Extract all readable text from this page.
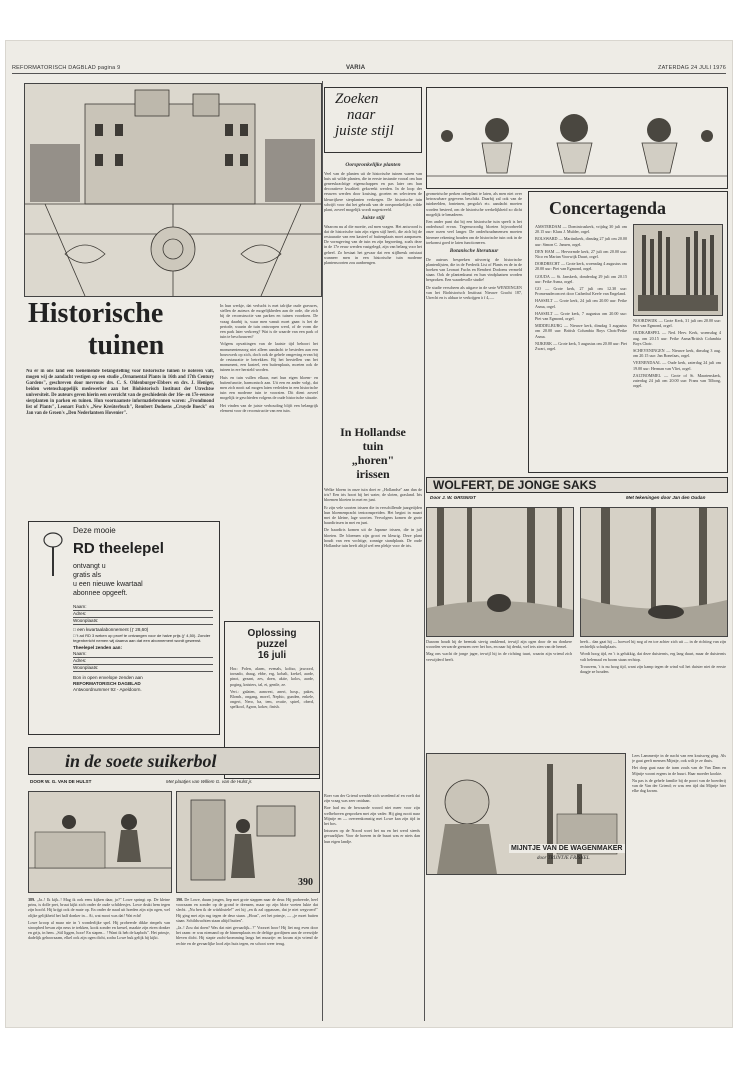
REFORMATORISCH DAGBLAD pagina 9	VARIA	ZATERDAG 24 JULI 1976
Historische
tuinen
Nu er in ons land een toenemende belangstelling voor historische tuinen te noteren valt, mogen wij de aandacht vestigen op een studie „Ornamental Plants in 16th and 17th Century Gardens", geschreven door mevrouw drs. C. S. Oldenburger-Ebbers en drs. J. Heniger, beiden wetenschappelijk medewerker aan het Biohistorisch Instituut der Utrechtse universiteit. De auteurs geven hierin een overzicht van de geschiedenis der 16e- en 17e-eeuwse sierplanten in parken en tuinen. Hun voornaamste informatiebronnen waren: „Frondmond list of Plants", Leonart Fuch's „New Kreüterbuch", Rembert Dodoens „Cruyde Boeck" en Jan van de Groen's „Den Nederlantsen Hovenier".

In hun werkje, dat verlucht is met talrijke oude gravures, stellen de auteurs de mogelijkheden aan de orde, die zich bij de reconstructie van parken en tuinen voordoen. De vraag daarbij is, waar men vanuit moet gaan: is het de periode, waarin de tuin ontworpen werd, of de vorm die een park later verkreeg? Wat is de waarde van een park of tuin te beschouwen?

Volgens opvattingen van de laatste tijd behoort het monumentenzorg niet alleen aandacht te besteden aan een bouwwerk op zich, doch ook de gehele omgeving ervan bij de restauratie te betrekken. Bij het herstellen van het monument, een kasteel, een buitenplaats, moeten ook de tuinen in ere hersteld worden.

Huis en tuin vullen elkaar, met hun eigen bloem- en buitenfunctie, harmonisch aan. Uit een en ander volgt, dat men zich nooit zal mogen laten verleiden in een historische tuin een moderne tuin te voorzien. Dit dient zoveel mogelijk te geschieden volgens de oude historische situatie.

Het vinden van de juiste verhouding blijft een belangrijk element voor de reconstructie van een tuin.

Zoeken
naar
juiste stijl
Oorspronkelijke planten

Veel van de planten uit de historische tuinen waren van huis uit wilde planten, die in eerste instantie vooral om hun geneeskrachtige eigenschappen en pas later om hun decoratieve kwaliteit gekweekt werden. In de loop der eeuwen werden door kruising, groeien en selecteren de kleurrijkere sierplanten verkregen. De historische tuin schrijft voor dat het gebruik van de oorspronkelijke, wilde plant, zoveel mogelijk wordt nagestreefd.

Juiste stijl

Waarom nu al die moeite, zal men vragen. Het antwoord is dat de historische tuin zijn eigen stijl heeft, die zich bij de restauratie van een kasteel of buitenplaats moet aanpassen. De vormgeving van de tuin en zijn begroeiing, zoals deze in de 17e eeuw werden vastgelegd, zijn van belang voor het geheel. Zo bestaat het gevaar dat een stijlbreuk ontstaat wanneer men in een historische tuin moderne plantensoorten zou aanbrengen.

geometrische perken onbeplant te laten, als men niet over betrouwbare gegevens beschikt. Daarbij zal ook van de tuinbeelden, fonteinen, pergola's etc. aandacht moeten worden besteed, om de historische werkelijkheid zo dicht mogelijk te benaderen.

Een ander punt dat bij een historische tuin speelt is het onderhoud ervan. Tegenwoordig bloeien bijvoorbeeld onze rozen veel langer. De onderhoudsmensen moeten hiermee rekening houden om de historische tuin ook in de toekomst goed te laten functioneren.

Botanische literatuur

De auteurs bespreken uitvoerig de historische plantenlijsten, die in de Frederik List of Plants en de in de boeken van Leonart Fuchs en Rembert Dodoens vermeld staan. Ook de plantenkunst en hun vindplaatsen worden besproken. Een waardevolle studie!

De studie verscheen als uitgave in de serie WENDINGEN van het Biohistorisch Instituut Nieuwe Gracht 187, Utrecht en is alduar te verkrijgen à f 4,—.

Concertagenda

AMSTERDAM — Dominicuskerk, vrijdag 30 juli om 20.15 uur: Klaas J. Mulder, orgel.

BOLSWARD — Martinikerk, dinsdag 27 juli om 20.00 uur: Simon C. Jansen, orgel.

DEN HAM — Hervormde kerk, 27 juli om 20.00 uur: Nico en Marian Voorwijk Duurt, orgel.

DORDRECHT — Grote kerk, woensdag 4 augustus om 20.00 uur: Piet van Egmond, orgel.

GOUDA — St. Janskerk, donderdag 29 juli om 20.15 uur: Feike Asma, orgel.

GO — Grote kerk, 27 juli om 12.30 uur: Promenadeconcert door Cathedral Keefe van Engeland.

HASSELT — Grote kerk, 24 juli om 20.00 uur: Feike Asma, orgel.

HASSELT — Grote kerk, 7 augustus om 20.00 uur: Piet van Egmond, orgel.

MIDDELBURG — Nieuwe kerk, dinsdag 3 augustus om 20.00 uur: British Columbia Boys Choir/Feike Asma.

NIJKERK — Grote kerk, 5 augustus om 20.00 uur: Piet Zwart, orgel.

NOORDWIJK — Grote Kerk, 31 juli om 20.00 uur: Piet van Egmond, orgel.

OUDKARSPEL — Ned. Herv. Kerk, woensdag 4 aug. om 20.15 uur: Feike Asma/British Columbia Boys Choir.

SCHEVENINGEN — Nieuwe kerk, dinsdag 3 aug. om 20.15 uur: Jan Bonefaas, orgel.

VEENENDAAL — Oude kerk, zaterdag 24 juli om 19.00 uur: Herman van Vliet, orgel.

ZALTBOMMEL — Grote of St. Maartenskerk, zaterdag 24 juli om 20.00 uur: Frans van Tilborg, orgel.

In Hollandse
tuin
„horen"
irissen

Welke bloem in onze tuin doet er „Hollandse" aan dan de iris? Een iris hoort bij het water, de sloten, grasland. Iris bloemen bloeien in mei en juni.

Er zijn vele soorten irissen die in verschillende jaargetijden hun bloemenpracht tentoonspreiden. Het begint in maart met de kleine, lage soorten. Vervolgens komen de grote baardirissen in mei en juni.

De baardiris komen uit de Japanse irissen, die in juli bloeien. De bloemen zijn groot en kleurig. Deze plant houdt van een vochtige, zonnige standplaats. De oude Hollandse tuin heeft altijd wel een plekje voor de iris.

Deze mooie
RD theelepel
ontvangt u
gratis als
u een nieuwe kwartaal
abonnee opgeeft.
Naam:
Adres:
Woonplaats:
□ een kwartaalabonnement (ƒ 28,60)
□ 't ad RD 3 weken op proef te ontvangen voor de halve prijs (ƒ 4,50). Zonder tegenbericht nemen wij daarna aan dat een abonnement wordt gewenst.
Theelepel zenden aan:
Naam:
Adres:
Woonplaats:
Bon in open envelope zenden aan
REFORMATORISCH DAGBLAD
Antwoordnummer 92 - Apeldoorn.
Oplossing
puzzel
16 juli

Hor.: Polen, alarm, evenals, koltso, jawoord, tornado, draag, ebbe, erg, kobalt, krekel, aarde, pinot, gezant, zes, doen, aktie, kolos, aarde, poging, knisters, tal, ei, gentle, ze.

Vert.: galaten, aanwezt, aneri, hosp., pakes, Blomb., ongang, morel, Nephic, gunden, enkele, ongeri, Nero, ba, tem, ovatie, spirel, oberd, spelkool, Agron, koker, finish.

WOLFERT, DE JONGE SAKS
Door J. W. GRISNIGT	Met tekeningen door Jan den Oudan

Daarom houdt hij de beentak stevig omklemd, terwijl zijn ogen door de nu donkere woorden verwarde grenzen over het bos, en naar hij denkt, wel iets zien van de hemel.

Mag ons wacht de jonge jager, terwijl hij in de richting tuurt, waarin zijn vriend zich verwijderd heeft.

heeft... dan gaat hij — hoewel hij nog af en toe achter zich uit — in de richting van zijn rechtelijk schuilplaats.

Wordt hoog tijd, en 't is gelukkig, dat deze duisternis, erg lang duurt, maar de duisternis valt helemaal en boom staan rechtop.

Trouwens, 't is nu hoog tijd, want zijn kamp tegen de wind wil het duister niet de eerste daagje ze houden.

in de soete suikerbol
DOOR W. G. VAN DE HULST	Met plaatjes van Willem G. van de Hulst jr.
390

389. „Ja..! Ik kijk..! Mag ik ook eens kijken daar, jo?" Lowe springt op. De kleine prins, is dolle pret, bruut kijkt zich onder de oude schildersjes. Lowe drukt hem tegen zijn hoofd. Hij krijgt ook de mate op. En onder de naad uit hoeden zijn zijn ogen, wel olijke gelijkheid het half donker in... Ai, wat mooi was dat! Wat echt!

Lowe kroop al maar nie in 't wonderlijke spel. Hij probeerde dikke rimpels van stroopbed bevan zijn neus te trekken, kook zonder en kreuel, maakte zijn eiren donker en grijs, in hem. „Stil liggen, hoor! En stapen... ! Want ik heb de kapbols". Het prinsje, dadelijk gehoorzaam, elkel ook zijn ogen dicht, zodra Lowe buk gelijk hij kijkt.

390. De Lowe, duum jongen, liep met grote stappen naar de deur. Hij probeerde, heel voorzaam en zonder op de grond te drenzen, maar op zijn blote voeten lukte dat slecht. „Nu ben ik de wiirkhstele!" zei hij „en ik zal oppassen, dat je niet wegvoert!" Hij ging met zijn rug tegen de deur staan. „Hous", zei het prinsje, — „je moet buiten staan. Schildwachten staan altijd buiten".

„Ja..! Zou dat doen? Was dat niet gevaarlijk...?" Voorzet hoor! Hij liet nog even door het raam: er was niemand op de binnenplaats en de deftige gordijnen aan de overzijde bleven dicht. Hij stapte zacht-kromming langs het muurtje: en kwam zijn vriend de rechte en de gevaarlijke lood zijn huis tegen, en schoot weer terug.

Boer van der Griend wendde zich woedend af en voelt dat zijn vraag was zeer ontdaan.

Boe had nu de bewaarde woord niet meer voor zijn welbehoven gesproken met zijn vader. Hij ging nooit naar Mijntje en — overeenkomstig met Lowe kan zijn tijd in het bos.

Intussen op de Noord woei het nu en het werd steeds gevaarlijker. Voor de boeren in de buurt was er niets dan hun eigen landje.

MIJNTJE VAN DE WAGENMAKER
door TRIJNTJE FRISKEL

Lees Lammertje in de nacht van een kruisweg ging. Als je gaat geeft mensen Mijntje, ook wilt je ze thuis.

Het dorp gaat naar de tram zoals van de Van Dam en Mijntje woont ergens in de buurt. Haar moeder kookte.

Nu pas is de gehele familie bij de poort van de boerderij van de Van der Griend; er was een tijd dat Mijntje hier elke dag kwam.
